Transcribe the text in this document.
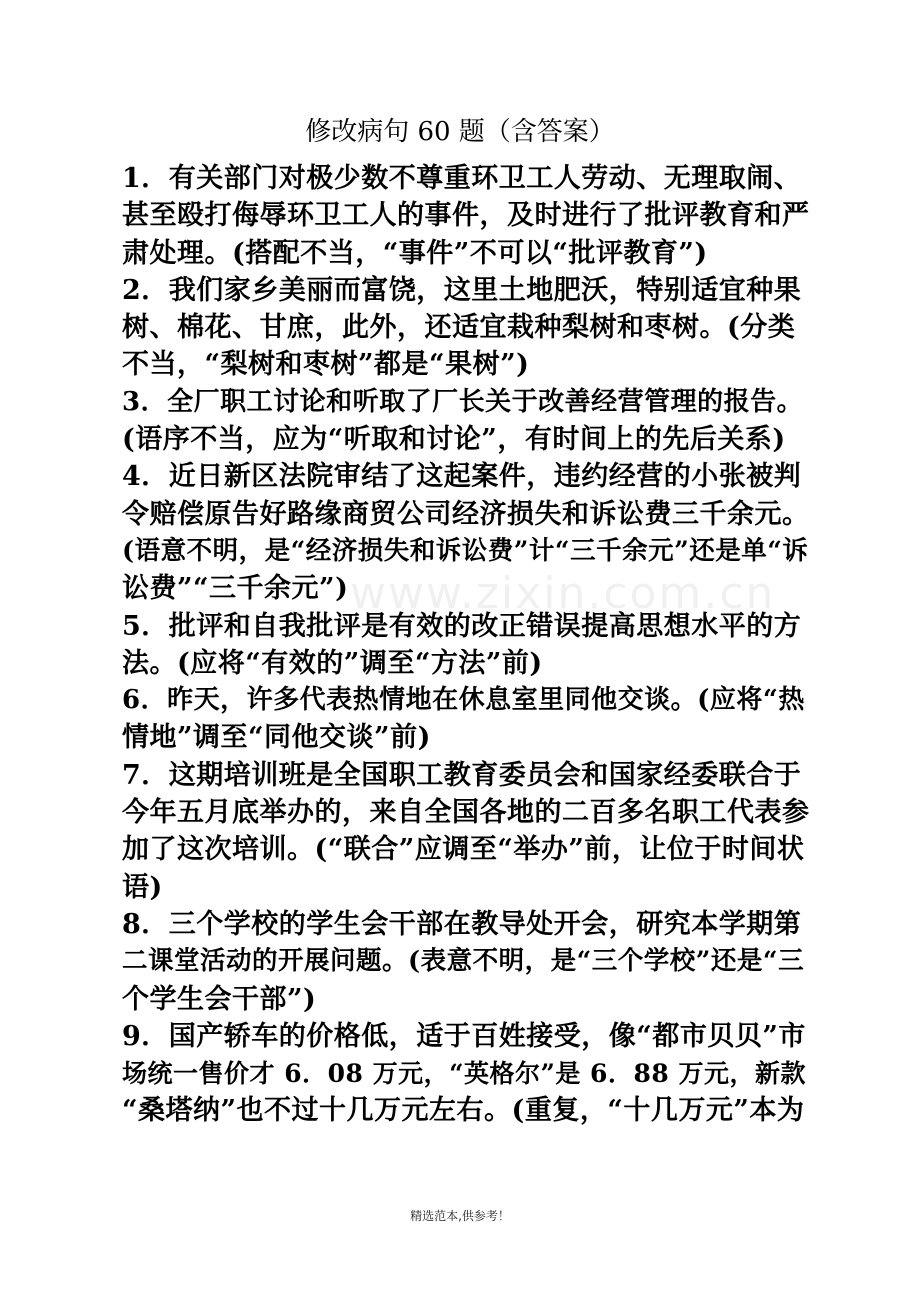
修改病句 60 题（含答案）
www.zixin.com.cn
1．有关部门对极少数不尊重环卫工人劳动、无理取闹、
甚至殴打侮辱环卫工人的事件，及时进行了批评教育和严
肃处理。(搭配不当，“事件”不可以“批评教育”)
2．我们家乡美丽而富饶，这里土地肥沃，特别适宜种果
树、棉花、甘庶，此外，还适宜栽种梨树和枣树。(分类
不当，“梨树和枣树”都是“果树”)
3．全厂职工讨论和听取了厂长关于改善经营管理的报告。
(语序不当，应为“听取和讨论”，有时间上的先后关系)
4．近日新区法院审结了这起案件，违约经营的小张被判
令赔偿原告好路缘商贸公司经济损失和诉讼费三千余元。
(语意不明，是“经济损失和诉讼费”计“三千余元”还是单“诉
讼费”“三千余元”)
5．批评和自我批评是有效的改正错误提高思想水平的方
法。(应将“有效的”调至“方法”前)
6．昨天，许多代表热情地在休息室里同他交谈。(应将“热
情地”调至“同他交谈”前)
7．这期培训班是全国职工教育委员会和国家经委联合于
今年五月底举办的，来自全国各地的二百多名职工代表参
加了这次培训。(“联合”应调至“举办”前，让位于时间状
语)
8．三个学校的学生会干部在教导处开会，研究本学期第
二课堂活动的开展问题。(表意不明，是“三个学校”还是“三
个学生会干部”)
9．国产轿车的价格低，适于百姓接受，像“都市贝贝”市
场统一售价才 6．08 万元，“英格尔”是 6．88 万元，新款
“桑塔纳”也不过十几万元左右。(重复，“十几万元”本为
精选范本,供参考！
